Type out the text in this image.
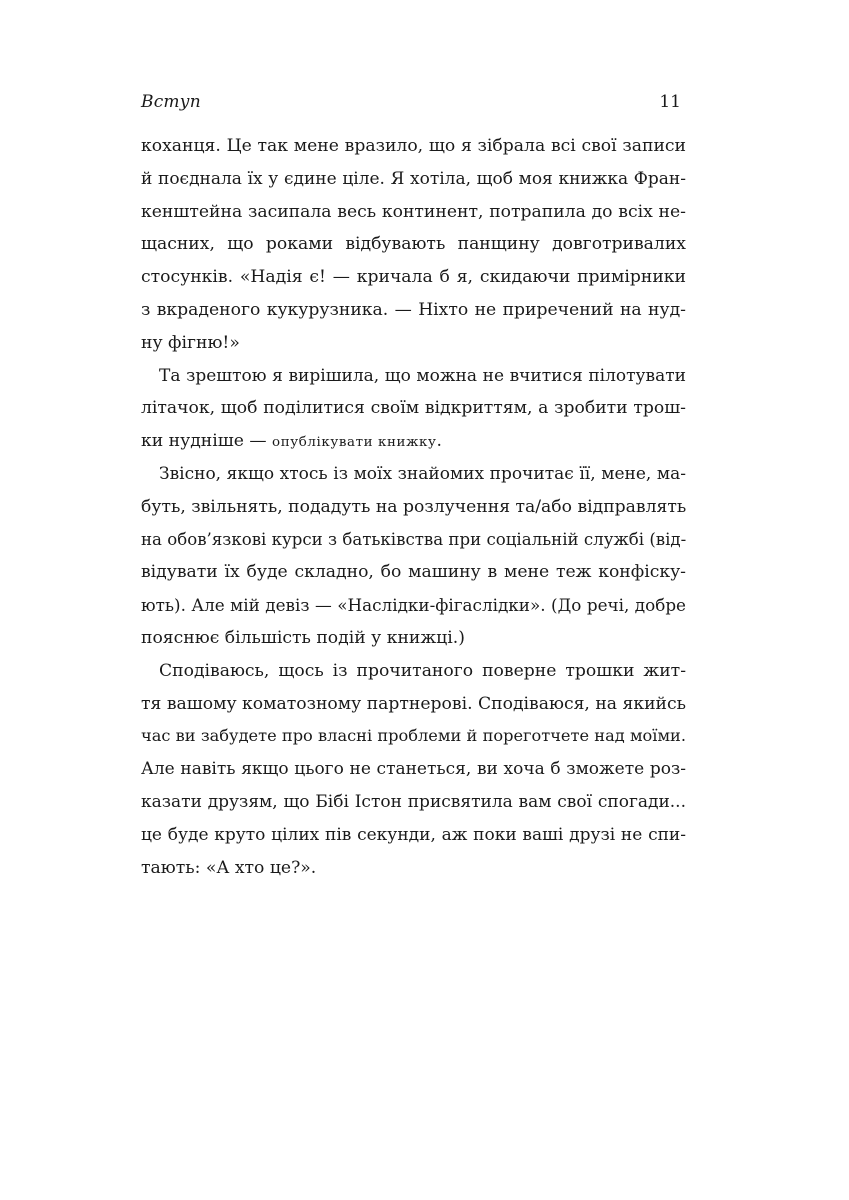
Вступ	11
коханця. Це так мене вразило, що я зібрала всі свої записи
й поєднала їх у єдине ціле. Я хотіла, щоб моя книжка Фран-
кенштейна засипала весь континент, потрапила до всіх не-
щасних, що роками відбувають панщину довготривалих
стосунків. «Надія є! — кричала б я, скидаючи примірники
з вкраденого кукурузника. — Ніхто не приречений на нуд-
ну фігню!»
Та зрештою я вирішила, що можна не вчитися пілотувати
літачок, щоб поділитися своїм відкриттям, а зробити трош-
ки нудніше — опублікувати книжку.
Звісно, якщо хтось із моїх знайомих прочитає її, мене, ма-
буть, звільнять, подадуть на розлучення та/або відправлять
на обов’язкові курси з батьківства при соціальній службі (від-
відувати їх буде складно, бо машину в мене теж конфіску-
ють). Але мій девіз — «Наслідки-фігаслідки». (До речі, добре
пояснює більшість подій у книжці.)
Сподіваюсь, щось із прочитаного поверне трошки жит-
тя вашому коматозному партнерові. Сподіваюся, на якийсь
час ви забудете про власні проблеми й пореготчете над моїми.
Але навіть якщо цього не станеться, ви хоча б зможете роз-
казати друзям, що Бібі Істон присвятила вам свої спогади...
це буде круто цілих пів секунди, аж поки ваші друзі не спи-
тають: «А хто це?».
